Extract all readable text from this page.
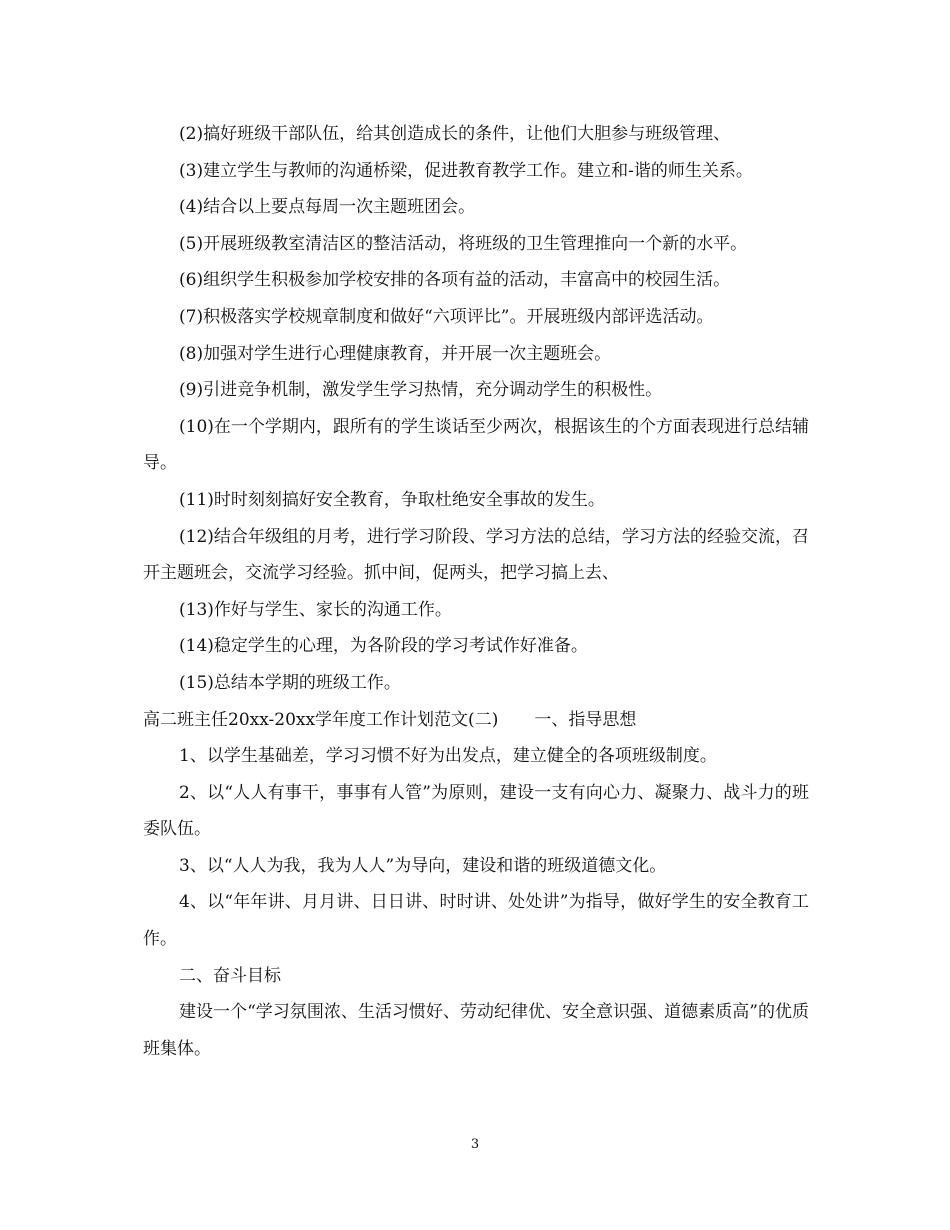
(2)搞好班级干部队伍，给其创造成长的条件，让他们大胆参与班级管理、

(3)建立学生与教师的沟通桥梁，促进教育教学工作。建立和-谐的师生关系。

(4)结合以上要点每周一次主题班团会。

(5)开展班级教室清洁区的整洁活动，将班级的卫生管理推向一个新的水平。

(6)组织学生积极参加学校安排的各项有益的活动，丰富高中的校园生活。

(7)积极落实学校规章制度和做好“六项评比”。开展班级内部评选活动。

(8)加强对学生进行心理健康教育，并开展一次主题班会。

(9)引进竞争机制，激发学生学习热情，充分调动学生的积极性。

(10)在一个学期内，跟所有的学生谈话至少两次，根据该生的个方面表现进行总结辅导。

(11)时时刻刻搞好安全教育，争取杜绝安全事故的发生。

(12)结合年级组的月考，进行学习阶段、学习方法的总结，学习方法的经验交流，召开主题班会，交流学习经验。抓中间，促两头，把学习搞上去、

(13)作好与学生、家长的沟通工作。

(14)稳定学生的心理，为各阶段的学习考试作好准备。

(15)总结本学期的班级工作。

高二班主任20xx-20xx学年度工作计划范文(二) 一、指导思想

1、以学生基础差，学习习惯不好为出发点，建立健全的各项班级制度。

2、以“人人有事干，事事有人管”为原则，建设一支有向心力、凝聚力、战斗力的班委队伍。

3、以“人人为我，我为人人”为导向，建设和谐的班级道德文化。

4、以“年年讲、月月讲、日日讲、时时讲、处处讲”为指导，做好学生的安全教育工作。

二、奋斗目标

建设一个“学习氛围浓、生活习惯好、劳动纪律优、安全意识强、道德素质高”的优质班集体。

3
